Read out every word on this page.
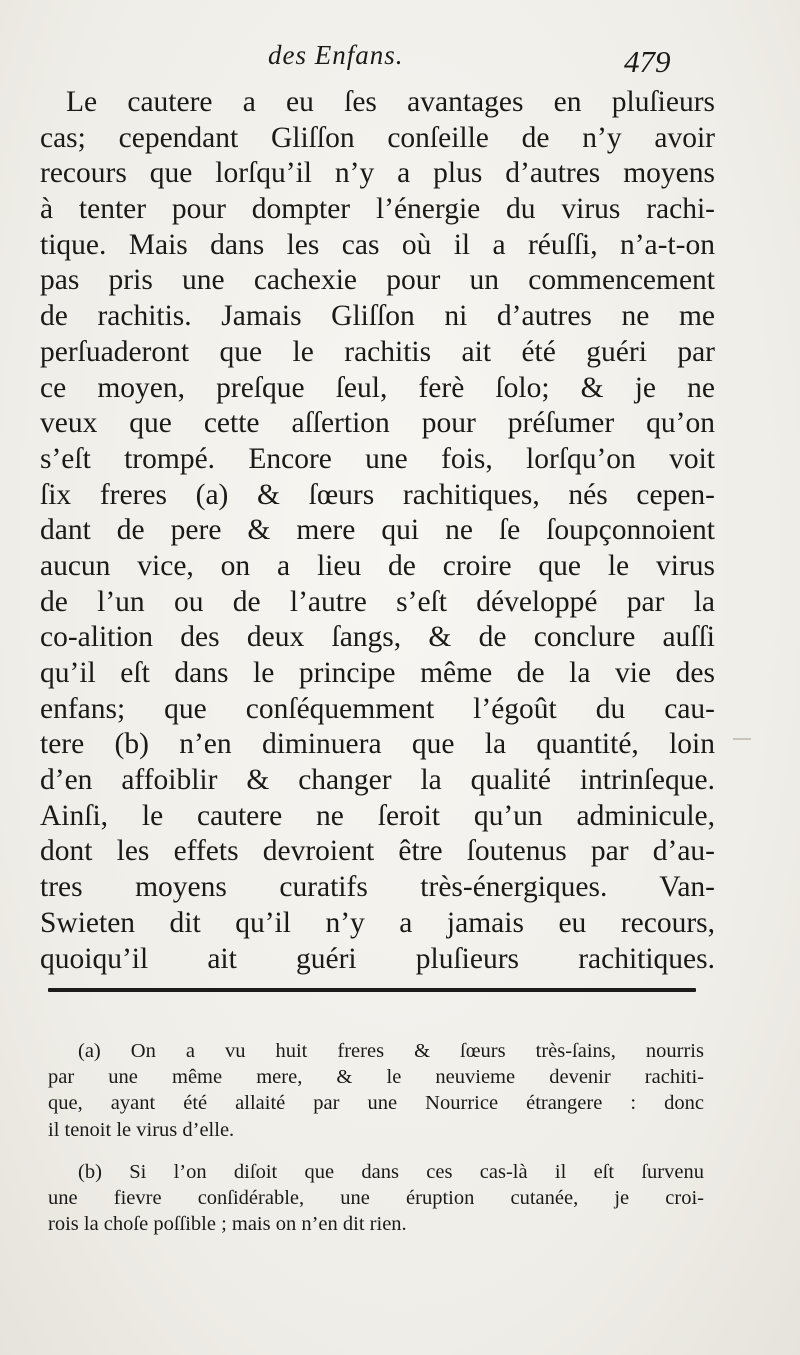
des Enfans.	479
Le cautere a eu ſes avantages en pluſieurs
cas; cependant Gliſſon conſeille de n’y avoir
recours que lorſqu’il n’y a plus d’autres moyens
à tenter pour dompter l’énergie du virus rachi-
tique. Mais dans les cas où il a réuſſi, n’a-t-on
pas pris une cachexie pour un commencement
de rachitis. Jamais Gliſſon ni d’autres ne me
perſuaderont que le rachitis ait été guéri par
ce moyen, preſque ſeul, ferè ſolo; & je ne
veux que cette aſſertion pour préſumer qu’on
s’eſt trompé. Encore une fois, lorſqu’on voit
ſix freres (a) & ſœurs rachitiques, nés cepen-
dant de pere & mere qui ne ſe ſoupçonnoient
aucun vice, on a lieu de croire que le virus
de l’un ou de l’autre s’eſt développé par la
co-alition des deux ſangs, & de conclure auſſi
qu’il eſt dans le principe même de la vie des
enfans; que conſéquemment l’égoût du cau-
tere (b) n’en diminuera que la quantité, loin
d’en affoiblir & changer la qualité intrinſeque.
Ainſi, le cautere ne ſeroit qu’un adminicule,
dont les effets devroient être ſoutenus par d’au-
tres moyens curatifs très-énergiques. Van-
Swieten dit qu’il n’y a jamais eu recours,
quoiqu’il ait guéri pluſieurs rachitiques.
(a) On a vu huit freres & ſœurs très-ſains, nourris
par une même mere, & le neuvieme devenir rachiti-
que, ayant été allaité par une Nourrice étrangere : donc
il tenoit le virus d’elle.
(b) Si l’on diſoit que dans ces cas-là il eſt ſurvenu
une fievre conſidérable, une éruption cutanée, je croi-
rois la choſe poſſible ; mais on n’en dit rien.
